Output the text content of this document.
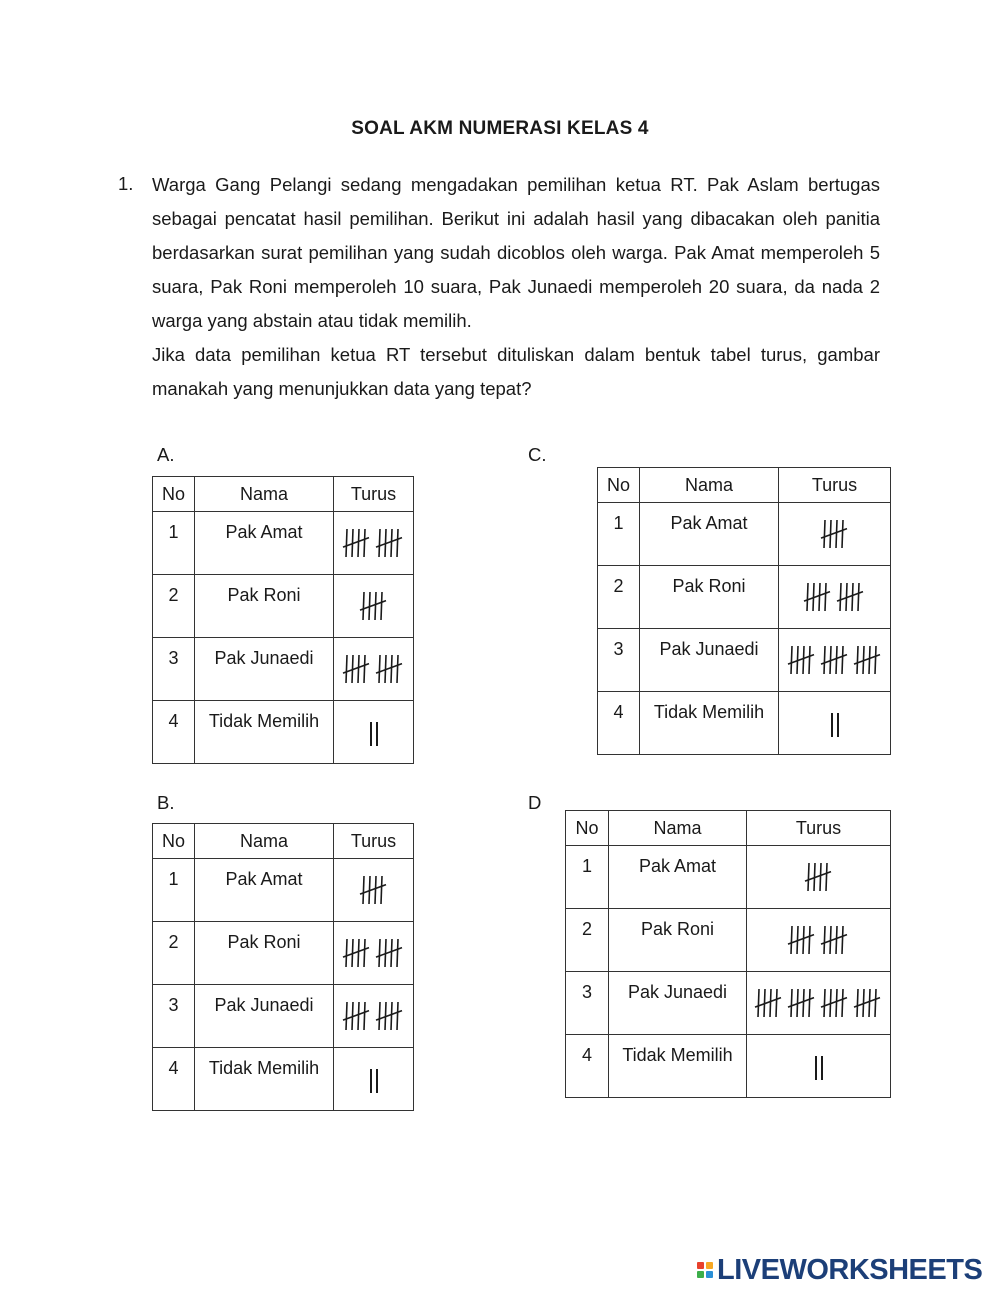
SOAL AKM NUMERASI KELAS 4
1. Warga Gang Pelangi sedang mengadakan pemilihan ketua RT. Pak Aslam bertugas sebagai pencatat hasil pemilihan. Berikut ini adalah hasil yang dibacakan oleh panitia berdasarkan surat pemilihan yang sudah dicoblos oleh warga. Pak Amat memperoleh 5 suara, Pak Roni memperoleh 10 suara, Pak Junaedi memperoleh 20 suara, da nada 2 warga yang abstain atau tidak memilih.

Jika data pemilihan ketua RT tersebut dituliskan dalam bentuk tabel turus, gambar manakah yang menunjukkan data yang tepat?

A.
No	Nama	Turus
1	Pak Amat	

2	Pak Roni	

3	Pak Junaedi	

4	Tidak Memilih	
B.
No	Nama	Turus
1	Pak Amat	

2	Pak Roni	

3	Pak Junaedi	

4	Tidak Memilih	
C.
No	Nama	Turus
1	Pak Amat	

2	Pak Roni	

3	Pak Junaedi	

4	Tidak Memilih	
D
No	Nama	Turus
1	Pak Amat	

2	Pak Roni	

3	Pak Junaedi	

4	Tidak Memilih	
LIVEWORKSHEETS
